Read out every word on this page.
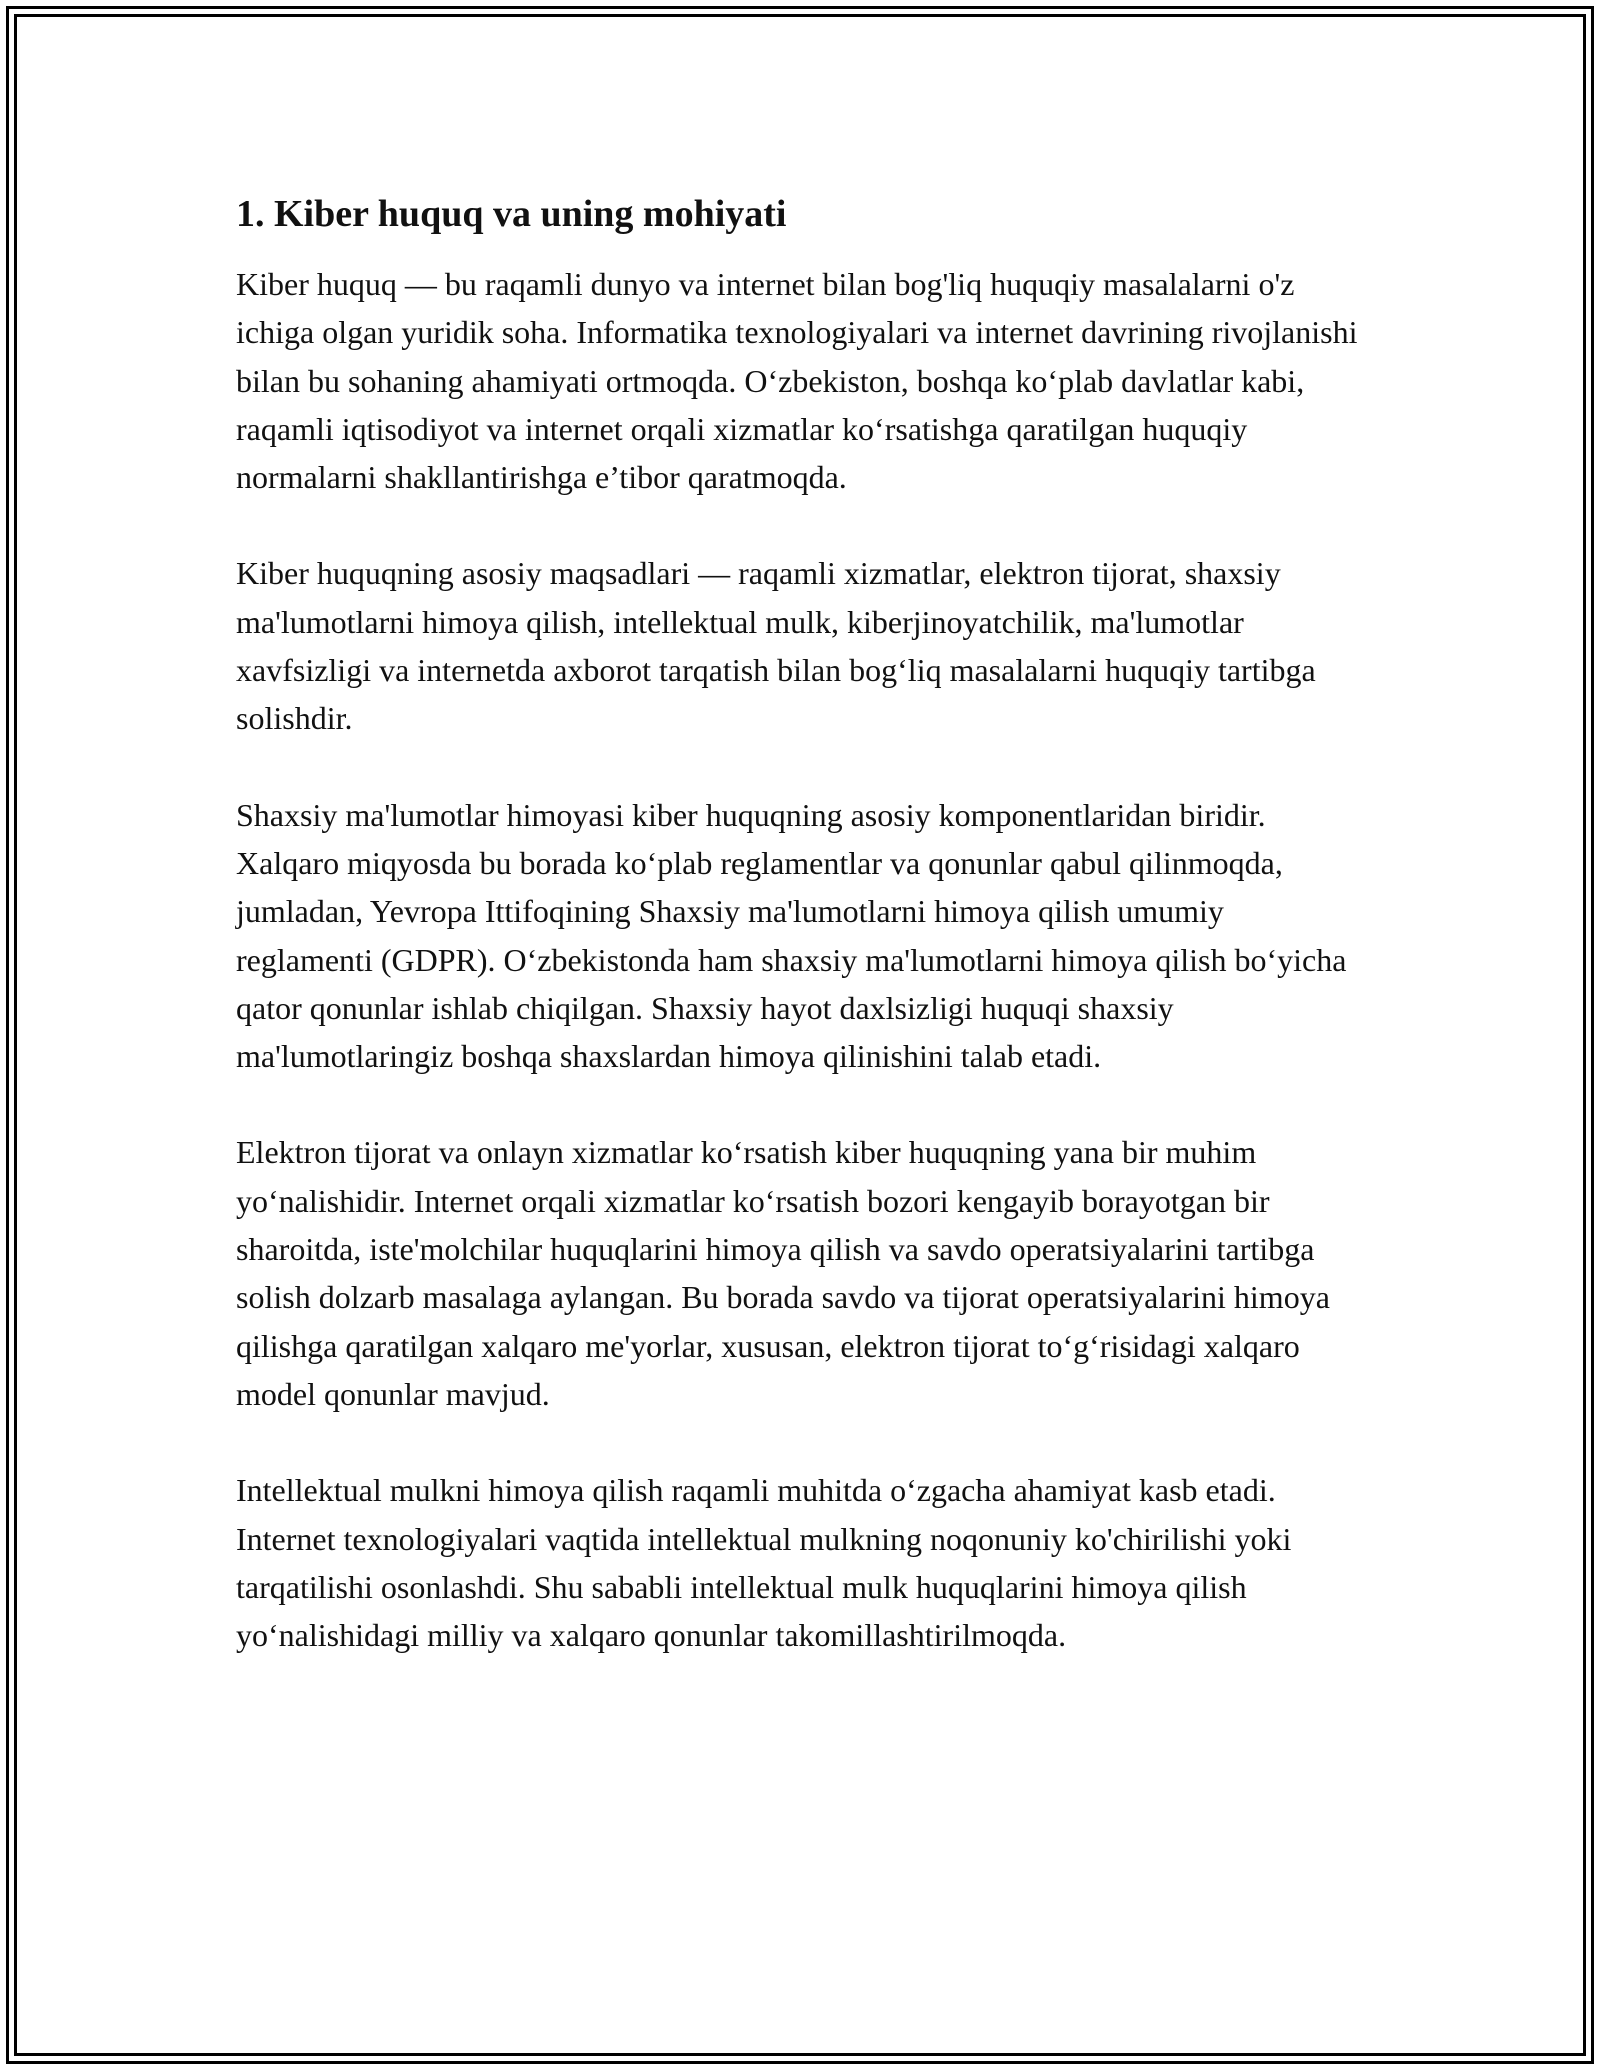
1. Kiber huquq va uning mohiyati

Kiber huquq — bu raqamli dunyo va internet bilan bog'liq huquqiy masalalarni o'z ichiga olgan yuridik soha. Informatika texnologiyalari va internet davrining rivojlanishi bilan bu sohaning ahamiyati ortmoqda. O‘zbekiston, boshqa ko‘plab davlatlar kabi, raqamli iqtisodiyot va internet orqali xizmatlar ko‘rsatishga qaratilgan huquqiy normalarni shakllantirishga e’tibor qaratmoqda.

Kiber huquqning asosiy maqsadlari — raqamli xizmatlar, elektron tijorat, shaxsiy ma'lumotlarni himoya qilish, intellektual mulk, kiberjinoyatchilik, ma'lumotlar xavfsizligi va internetda axborot tarqatish bilan bog‘liq masalalarni huquqiy tartibga solishdir.

Shaxsiy ma'lumotlar himoyasi kiber huquqning asosiy komponentlaridan biridir. Xalqaro miqyosda bu borada ko‘plab reglamentlar va qonunlar qabul qilinmoqda, jumladan, Yevropa Ittifoqining Shaxsiy ma'lumotlarni himoya qilish umumiy reglamenti (GDPR). O‘zbekistonda ham shaxsiy ma'lumotlarni himoya qilish bo‘yicha qator qonunlar ishlab chiqilgan. Shaxsiy hayot daxlsizligi huquqi shaxsiy ma'lumotlaringiz boshqa shaxslardan himoya qilinishini talab etadi.

Elektron tijorat va onlayn xizmatlar ko‘rsatish kiber huquqning yana bir muhim yo‘nalishidir. Internet orqali xizmatlar ko‘rsatish bozori kengayib borayotgan bir sharoitda, iste'molchilar huquqlarini himoya qilish va savdo operatsiyalarini tartibga solish dolzarb masalaga aylangan. Bu borada savdo va tijorat operatsiyalarini himoya qilishga qaratilgan xalqaro me'yorlar, xususan, elektron tijorat to‘g‘risidagi xalqaro model qonunlar mavjud.

Intellektual mulkni himoya qilish raqamli muhitda o‘zgacha ahamiyat kasb etadi. Internet texnologiyalari vaqtida intellektual mulkning noqonuniy ko'chirilishi yoki tarqatilishi osonlashdi. Shu sababli intellektual mulk huquqlarini himoya qilish yo‘nalishidagi milliy va xalqaro qonunlar takomillashtirilmoqda.
